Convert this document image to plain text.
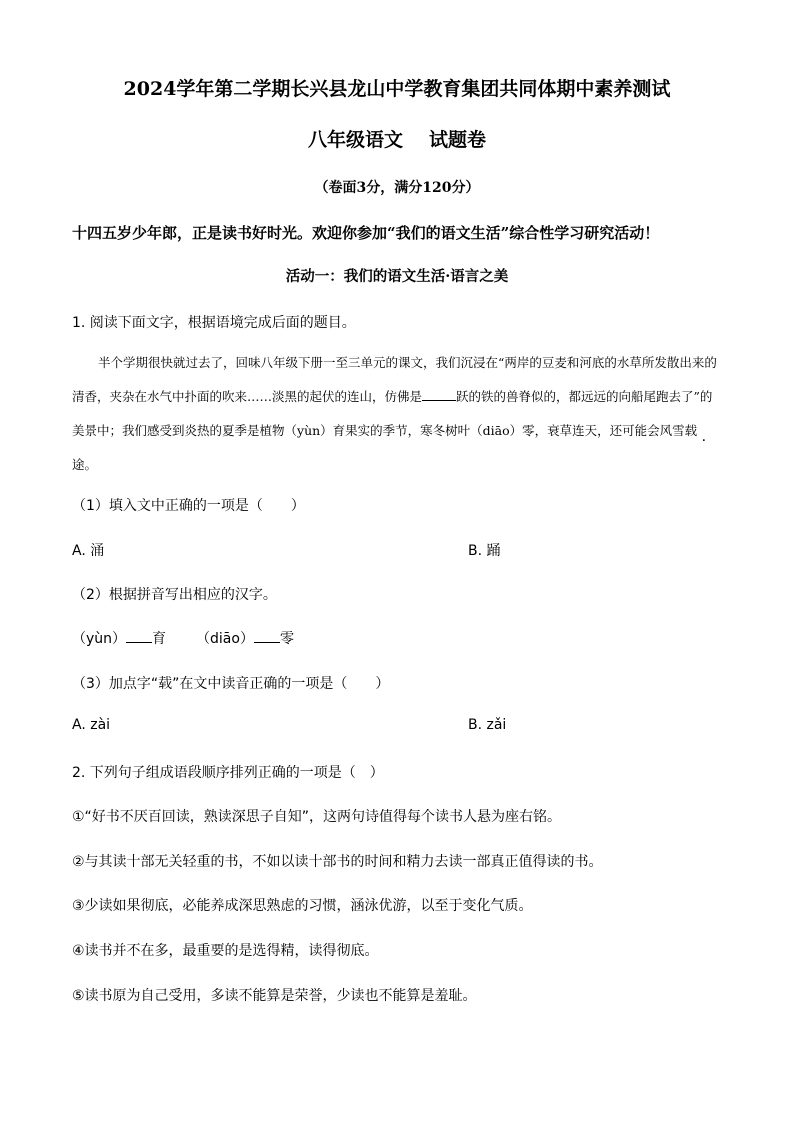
2024学年第二学期长兴县龙山中学教育集团共同体期中素养测试
八年级语文 试题卷
（卷面3分，满分120分）
十四五岁少年郎，正是读书好时光。欢迎你参加“我们的语文生活”综合性学习研究活动！
活动一：我们的语文生活·语言之美
1. 阅读下面文字，根据语境完成后面的题目。
半个学期很快就过去了，回味八年级下册一至三单元的课文，我们沉浸在“两岸的豆麦和河底的水草所发散出来的清香，夹杂在水气中扑面的吹来……淡黑的起伏的连山，仿佛是	跃的铁的兽脊似的，都远远的向船尾跑去了”的美景中；我们感受到炎热的夏季是植物（yùn）育果实的季节，寒冬树叶（diāo）零，衰草连天，还可能会风雪载途。
（1）填入文中正确的一项是（　　）
A. 涌	B. 踊
（2）根据拼音写出相应的汉字。
（yùn） 育 （diāo） 零
（3）加点字“载”在文中读音正确的一项是（　　）
A. zài	B. zǎi
2. 下列句子组成语段顺序排列正确的一项是（　）
①“好书不厌百回读，熟读深思子自知”，这两句诗值得每个读书人悬为座右铭。
②与其读十部无关轻重的书，不如以读十部书的时间和精力去读一部真正值得读的书。
③少读如果彻底，必能养成深思熟虑的习惯，涵泳优游，以至于变化气质。
④读书并不在多，最重要的是选得精，读得彻底。
⑤读书原为自己受用，多读不能算是荣誉，少读也不能算是羞耻。
